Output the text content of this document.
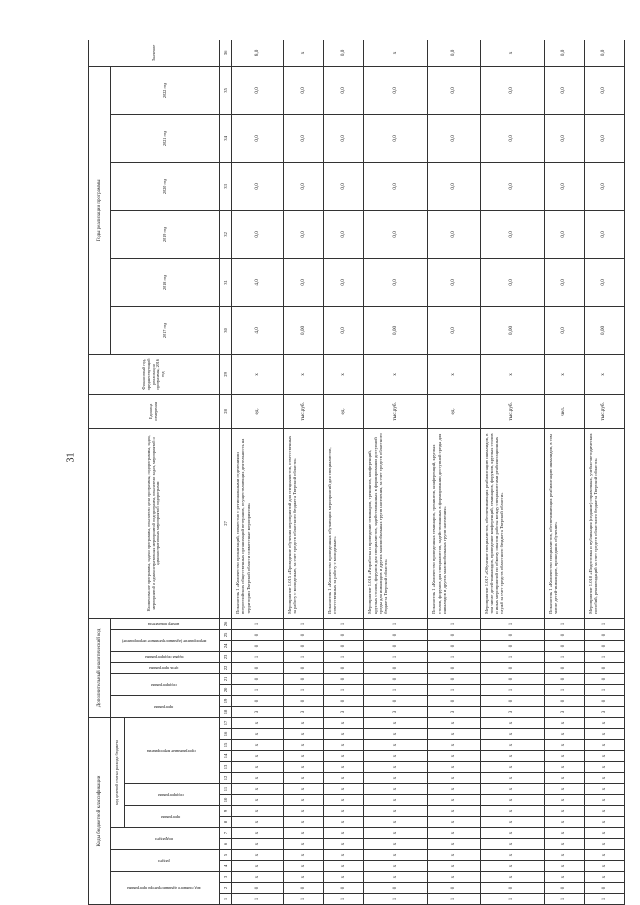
31
Коды бюджетной классификации																	Дополнительный аналитический код									Наименование программы, задачи программы, показатели цели программы, подпрограммы, задач, мероприятий и административных мероприятий подпрограмм, показатели задач, мероприятий и административных мероприятий подпрограмм	Единица измерения	Финансовый год, предшествующий реализации программы, 2016 год	Годы реализации программы						Значение	
код главного администратора программы			раздел		подраздел		код целевой статьи расхода бюджета										программа		подпрограмма		цель программы	задача подпрограммы	мероприятие (административное мероприятие)		номер показателя				2017 год	2018 год	2019 год	2020 год	2021 год	2022 год		
							программа		подпрограмма		программные мероприятия																									
1	2	3	4	5	6	7	8	9	10	11	12	13	14	15	16	17	18	19	20	21	22	23	24	25	26	27	28	29	30	31	32	33	34	35	36	
1	0	x	x	x	x	x	x	x	x	x	x	x	x	x	x	x	3	0	1	0	0	1	0	0	1	Показатель 1 «Количество организаций, совместно с региональными отделениями всероссийских общественных организаций ветеранов, осуществляющих деятельность на территории Тверской области совместные мероприятия»	ед.	x	4,0	4,0	0,0	0,0	0,0	0,0	8,0	
1	0	x	x	x	x	x	x	x	x	x	x	x	x	x	x	x	3	0	1	0	0	1	0	0	1	Мероприятие 1.015 «Проведение обучения мероприятий для специалистов, ответственных за работу с молодежью, за счет средств областного бюджета Тверской области»	тыс.руб.	x	0,00	0,0	0,0	0,0	0,0	0,0	x	
1	0	x	x	x	x	x	x	x	x	x	x	x	x	x	x	x	3	0	1	0	0	1	0	0	1	Показатель 1 «Количество проведенных обучающих мероприятий для специалистов, ответственных за работу с молодежью»	ед.	x	0,0	0,0	0,0	0,0	0,0	0,0	0,0	
1	0	x	x	x	x	x	x	x	x	x	x	x	x	x	x	x	3	0	1	0	0	1	0	0	1	Мероприятие 1.016 «Разработка и проведение семинаров, тренингов, конференций, круглых столов, форумов для специалистов, задействованных в формировании доступной среды для инвалидов и других маломобильных групп населения, за счет средств областного бюджета Тверской области»	тыс.руб.	x	0,00	0,0	0,0	0,0	0,0	0,0	x	
1	0	x	x	x	x	x	x	x	x	x	x	x	x	x	x	x	3	0	1	0	0	1	0	0	1	Показатель 1 «Количество проведенных семинаров, тренингов, конференций, круглых столов, форумов для специалистов, задействованных в формировании доступной среды для инвалидов и других маломобильных групп населения»	ед.	x	0,0	0,0	0,0	0,0	0,0	0,0	0,0	
1	0	x	x	x	x	x	x	x	x	x	x	x	x	x	x	x	3	0	1	0	0	1	0	0	1	Мероприятие 1.017 «Обучение специалистов, обеспечивающих реабилитацию инвалидов, в том числе детей-инвалидов, проведение конференций, семинаров, форумов, круглых столов и иных мероприятий по обмену опытом работы между специалистами реабилитационных служб за счет средств областного бюджета Тверской области»	тыс.руб.	x	0,00	0,0	0,0	0,0	0,0	0,0	x	
1	0	x	x	x	x	x	x	x	x	x	x	x	x	x	x	x	3	0	1	0	0	1	0	0	1	Показатель 1 «Количество специалистов, обеспечивающих реабилитацию инвалидов, в том числе детей-инвалидов, прошедших обучение»	чел.	x	0,0	0,0	0,0	0,0	0,0	0,0	0,0	
1	0	x	x	x	x	x	x	x	x	x	x	x	x	x	x	x	3	0	1	0	0	1	0	0	1	Мероприятие 1.018 «Подготовка и публикация (издание) справочных, учебно-методических пособий, рекомендаций за счет средств областного бюджета Тверской области»	тыс.руб.	x	0,00	0,0	0,0	0,0	0,0	0,0	0,0	
